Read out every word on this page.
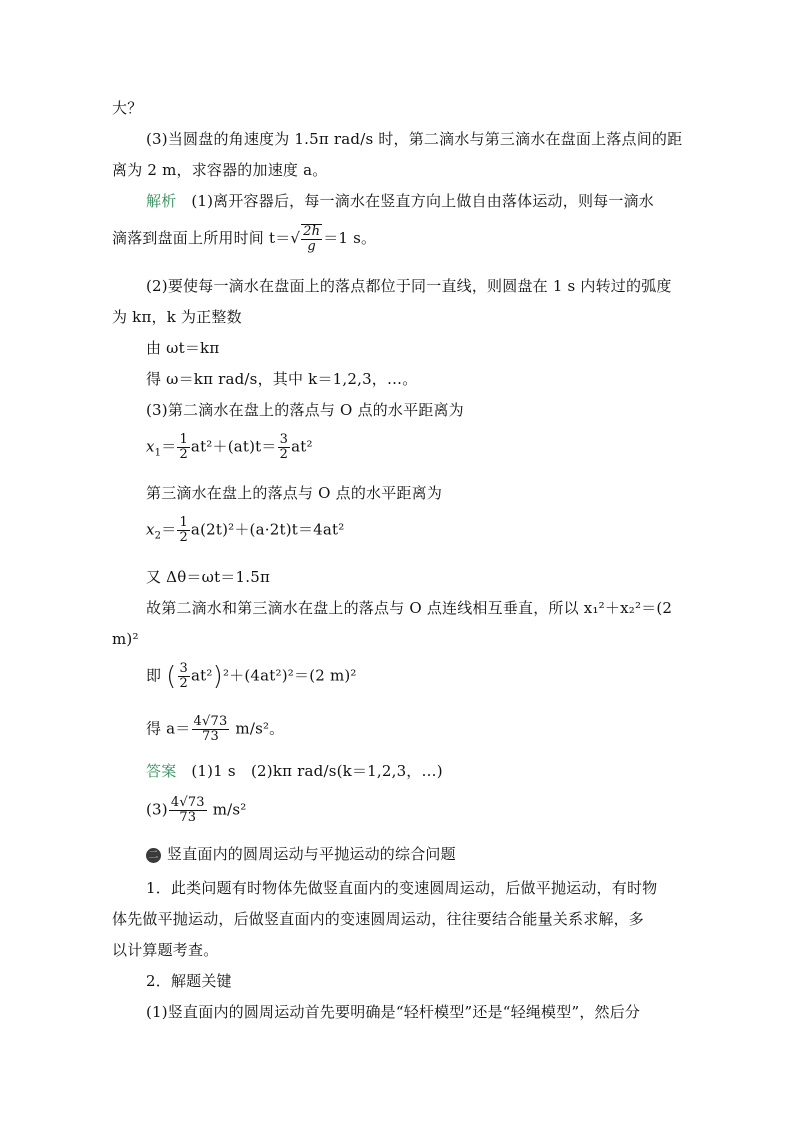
大？
(3)当圆盘的角速度为 1.5π rad/s 时，第二滴水与第三滴水在盘面上落点间的距
离为 2 m，求容器的加速度 a。
解析 (1)离开容器后，每一滴水在竖直方向上做自由落体运动，则每一滴水
滴落到盘面上所用时间 $t=√ \frac{2h}{g} =1$ s。
(2)要使每一滴水在盘面上的落点都位于同一直线，则圆盘在 1 s 内转过的弧度
为 kπ，k 为正整数
由 ωt＝kπ
得 ω＝kπ rad/s，其中 k＝1,2,3，…。
(3)第二滴水在盘上的落点与 O 点的水平距离为
$x_1= \frac{1}{2} at^2+(at)t= \frac{3}{2} at^2$
第三滴水在盘上的落点与 O 点的水平距离为
$x_2= \frac{1}{2} a(2t)^2+(a\cdot 2t)t=4at^2$
又 Δθ＝ωt＝1.5π
故第二滴水和第三滴水在盘上的落点与 O 点连线相互垂直，所以 x₁²＋x₂²＝(2
m)²
即 ( $\frac{3}{2} at^2)^2+(4at^2)^2=(2$ m)²
得 $a= \frac{4√73}{73} m/s^2$。
答案 (1)1 s　(2)kπ rad/s(k＝1,2,3，…)
$(3) \frac{4√73}{73} m/s^2$
二 竖直面内的圆周运动与平抛运动的综合问题
1．此类问题有时物体先做竖直面内的变速圆周运动，后做平抛运动，有时物
体先做平抛运动，后做竖直面内的变速圆周运动，往往要结合能量关系求解，多
以计算题考查。
2．解题关键
(1)竖直面内的圆周运动首先要明确是“轻杆模型”还是“轻绳模型”，然后分
